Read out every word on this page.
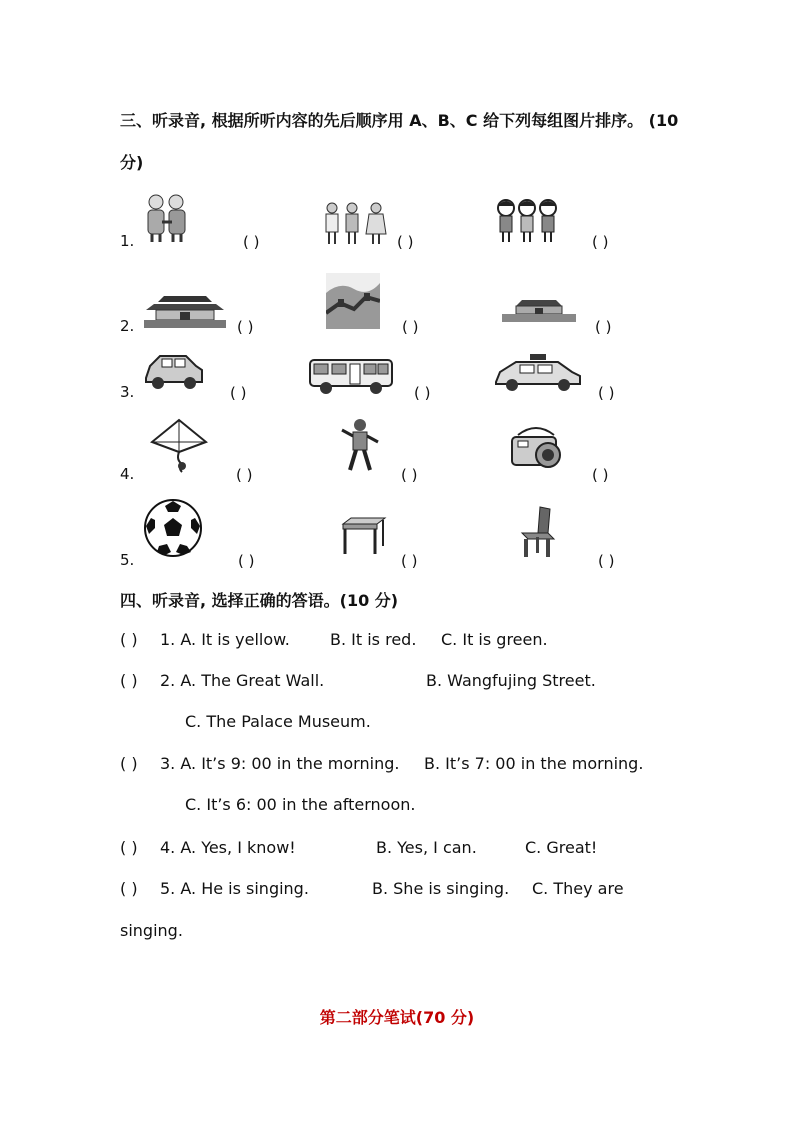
三、听录音, 根据所听内容的先后顺序用 A、B、C 给下列每组图片排序。 (10
分)
1.	( )	( )	( )
2.	( )	( )	( )
3.	( )	( )	( )
4.	( )	( )	( )
5.	( )	( )	( )
四、听录音, 选择正确的答语。(10 分)
( ) 1. A. It is yellow.	B. It is red. C. It is green.
( ) 2. A. The Great Wall.	B. Wangfujing Street.
C. The Palace Museum.
( ) 3. A. It’s 9: 00 in the morning. B. It’s 7: 00 in the morning.
C. It’s 6: 00 in the afternoon.
( ) 4. A. Yes, I know!	B. Yes, I can.	C. Great!
( ) 5. A. He is singing.	B. She is singing. C. They are
singing.
第二部分笔试(70 分)
